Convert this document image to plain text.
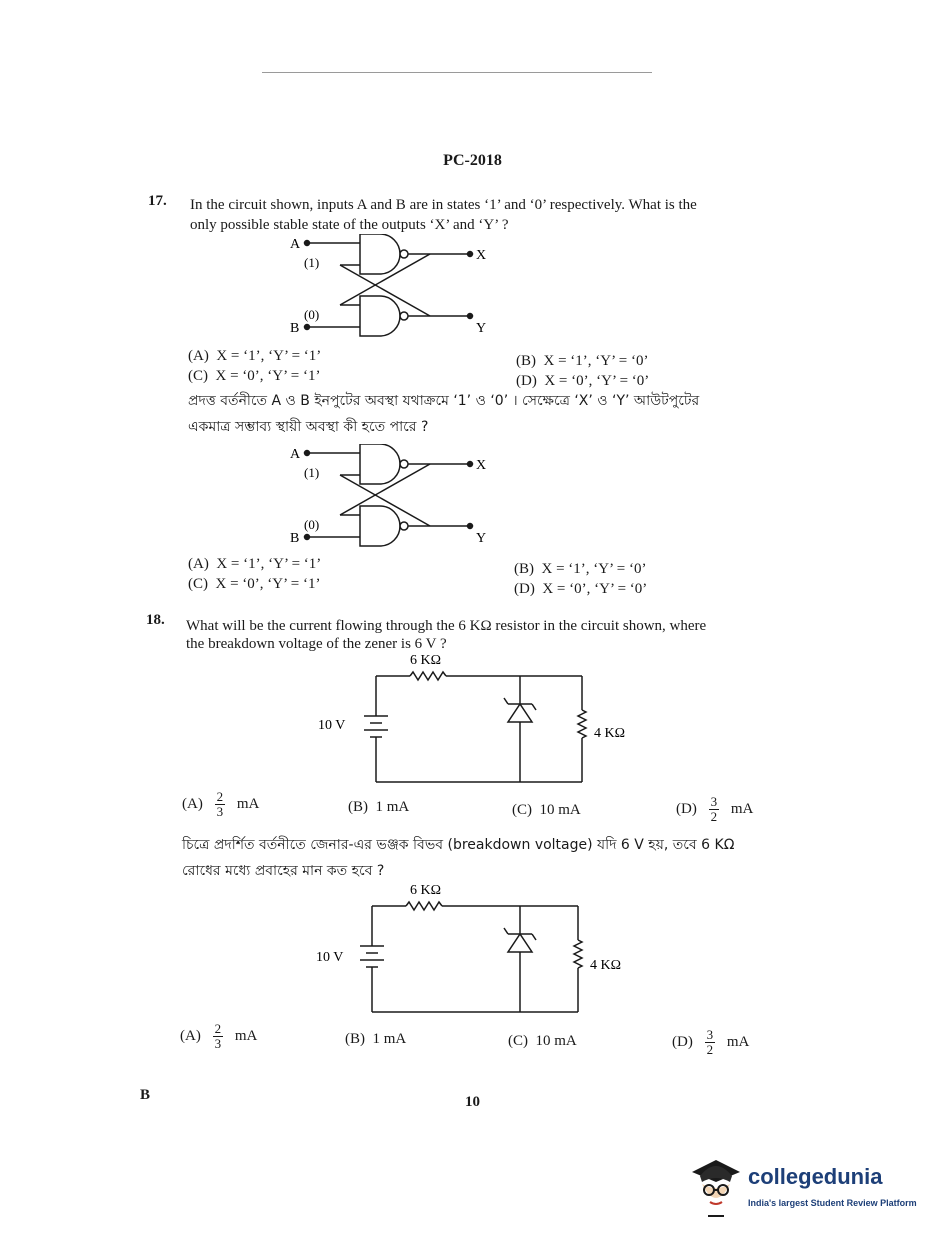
PC-2018
17. In the circuit shown, inputs A and B are in states ‘1’ and ‘0’ respectively. What is the
only possible stable state of the outputs ‘X’ and ‘Y’ ?
A
(1)
(0)
B
X
Y
(A) X = ‘1’, ‘Y’ = ‘1’
(C) X = ‘0’, ‘Y’ = ‘1’
(B) X = ‘1’, ‘Y’ = ‘0’
(D) X = ‘0’, ‘Y’ = ‘0’
প্রদত্ত বর্তনীতে A ও B ইনপুটের অবস্থা যথাক্রমে ‘1’ ও ‘0’ । সেক্ষেত্রে ‘X’ ও ‘Y’ আউটপুটের
একমাত্র সম্ভাব্য স্থায়ী অবস্থা কী হতে পারে ?
A
(1)
(0)
B
X
Y
(A) X = ‘1’, ‘Y’ = ‘1’
(C) X = ‘0’, ‘Y’ = ‘1’
(B) X = ‘1’, ‘Y’ = ‘0’
(D) X = ‘0’, ‘Y’ = ‘0’
18. What will be the current flowing through the 6 KΩ resistor in the circuit shown, where
the breakdown voltage of the zener is 6 V ?
6 KΩ
10 V
4 KΩ
$(A) \frac{2}{3}$ mA	(B) 1 mA	(C) 10 mA	$(D) \frac{3}{2}$ mA
চিত্রে প্রদর্শিত বর্তনীতে জেনার-এর ভঞ্জক বিভব (breakdown voltage) যদি 6 V হয়, তবে 6 KΩ
রোধের মধ্যে প্রবাহের মান কত হবে ?
6 KΩ
10 V
4 KΩ
$(A) \frac{2}{3}$ mA	(B) 1 mA	(C) 10 mA	$(D) \frac{3}{2}$ mA
B	10
collegedunia
India's largest Student Review Platform
